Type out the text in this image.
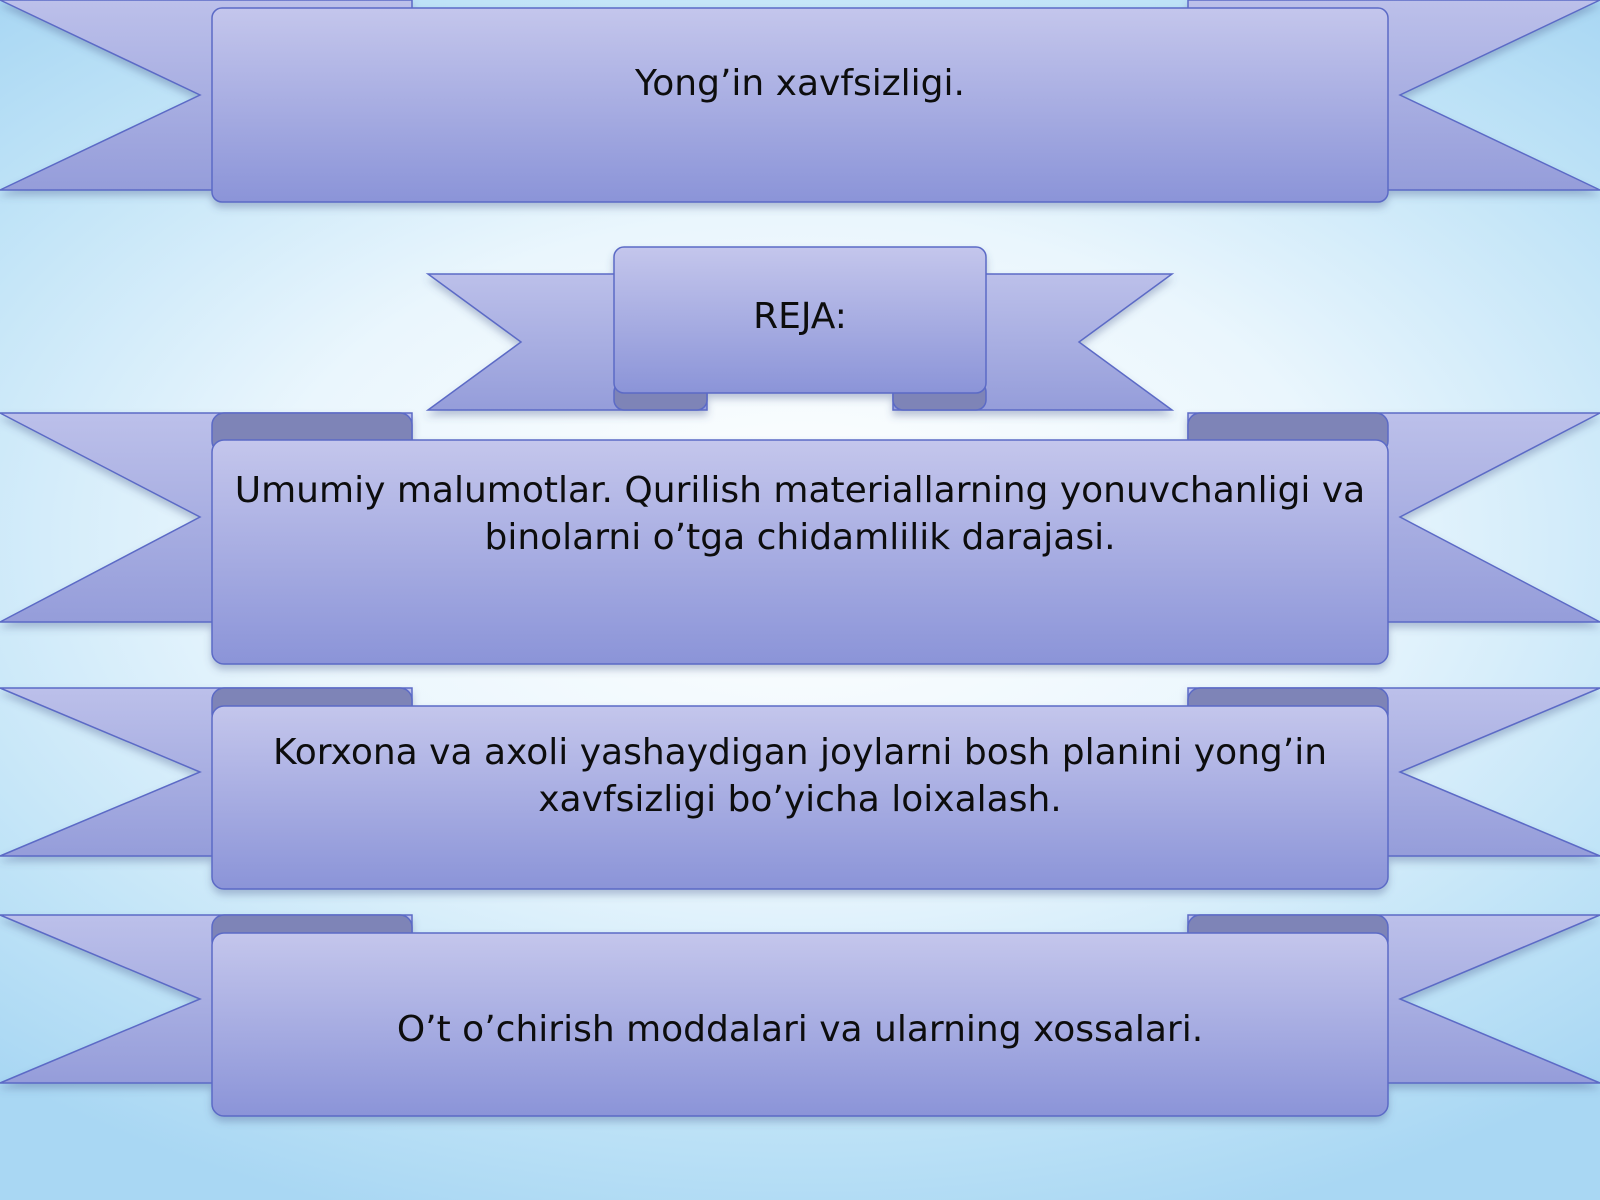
Yong’in xavfsizligi.
REJA:
Umumiy malumotlar. Qurilish materiallarning yonuvchanligi va binolarni o’tga chidamlilik darajasi.
Korxona va axoli yashaydigan joylarni bosh planini yong’in xavfsizligi bo’yicha loixalash.
O’t o’chirish moddalari va ularning xossalari.
